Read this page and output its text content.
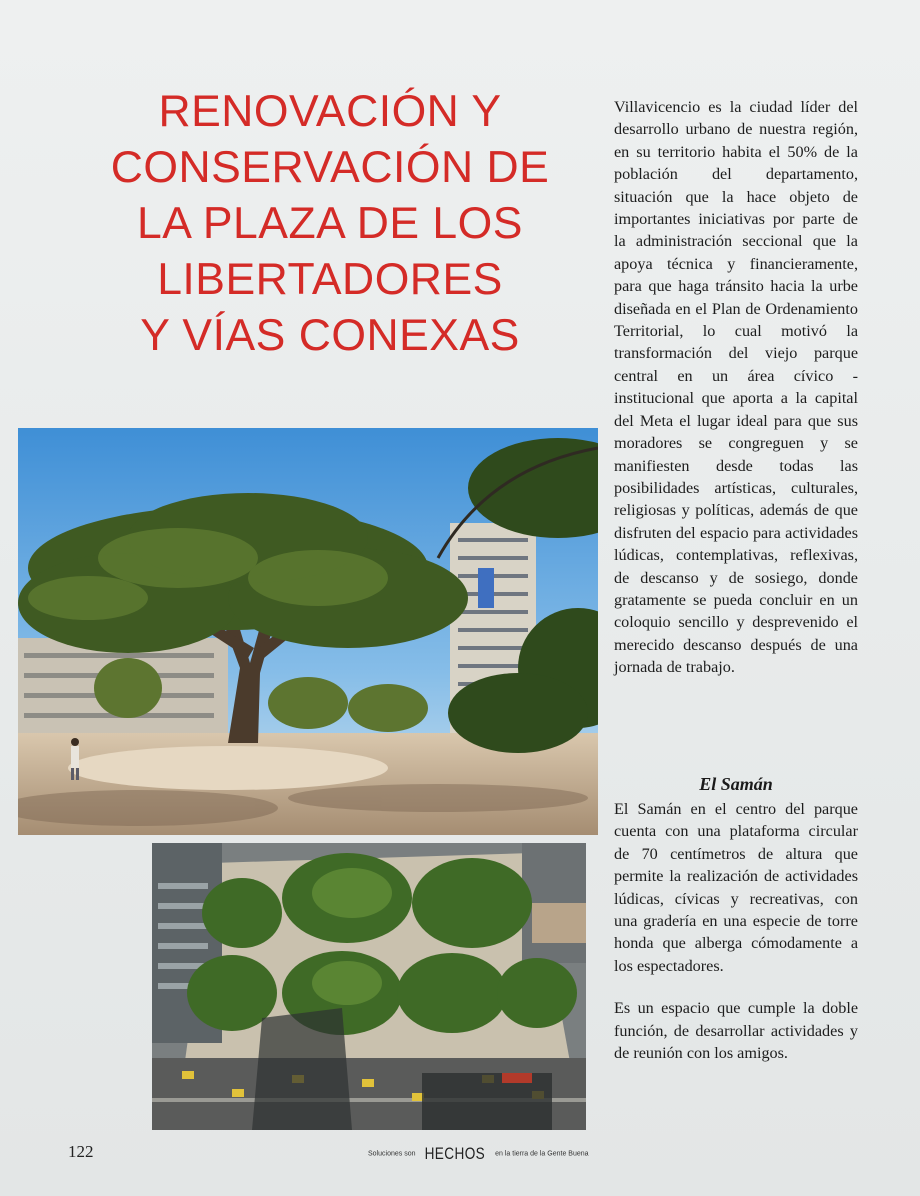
RENOVACIÓN Y
CONSERVACIÓN DE
LA PLAZA DE LOS
LIBERTADORES
Y VÍAS CONEXAS

Villavicencio es la ciudad líder del desarrollo urbano de nuestra región, en su territorio habita el 50% de la población del departamento, situación que la hace objeto de importantes iniciativas por parte de la administración seccional que la apoya técnica y financieramente, para que haga tránsito hacia la urbe diseñada en el Plan de Ordenamiento Territorial, lo cual motivó la transformación del viejo parque central en un área cívico - institucional que aporta a la capital del Meta el lugar ideal para que sus moradores se congreguen y se manifiesten desde todas las posibilidades artísticas, culturales, religiosas y políticas, además de que disfruten del espacio para actividades lúdicas, contemplativas, reflexivas, de descanso y de sosiego, donde gratamente se pueda concluir en un coloquio sencillo y desprevenido el merecido descanso después de una jornada de trabajo.

El Samán

El Samán en el centro del parque cuenta con una plataforma circular de 70 centímetros de altura que permite la realización de actividades lúdicas, cívicas y recreativas, con una gradería en una especie de torre honda que alberga cómodamente a los espectadores.

Es un espacio que cumple la doble función, de desarrollar actividades y de reunión con los amigos.

122	Soluciones son HECHOS en la tierra de la Gente Buena
